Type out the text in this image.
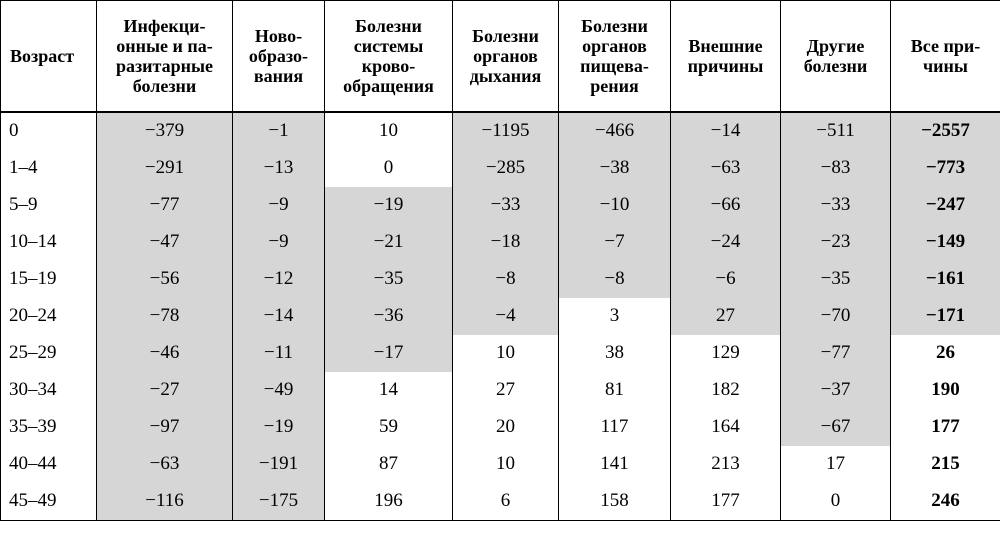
Возраст	Инфекци-
онные и па-
разитарные
болезни	Ново-
образо-
вания	Болезни
системы
крово-
обращения	Болезни
органов
дыхания	Болезни
органов
пищева-
рения	Внешние
причины	Другие
болезни	Все при-
чины

0	−379	−1	10	−1195	−466	−14	−511	−2557
1–4	−291	−13	0	−285	−38	−63	−83	−773
5–9	−77	−9	−19	−33	−10	−66	−33	−247
10–14	−47	−9	−21	−18	−7	−24	−23	−149
15–19	−56	−12	−35	−8	−8	−6	−35	−161
20–24	−78	−14	−36	−4	3	27	−70	−171
25–29	−46	−11	−17	10	38	129	−77	26
30–34	−27	−49	14	27	81	182	−37	190
35–39	−97	−19	59	20	117	164	−67	177
40–44	−63	−191	87	10	141	213	17	215
45–49	−116	−175	196	6	158	177	0	246
